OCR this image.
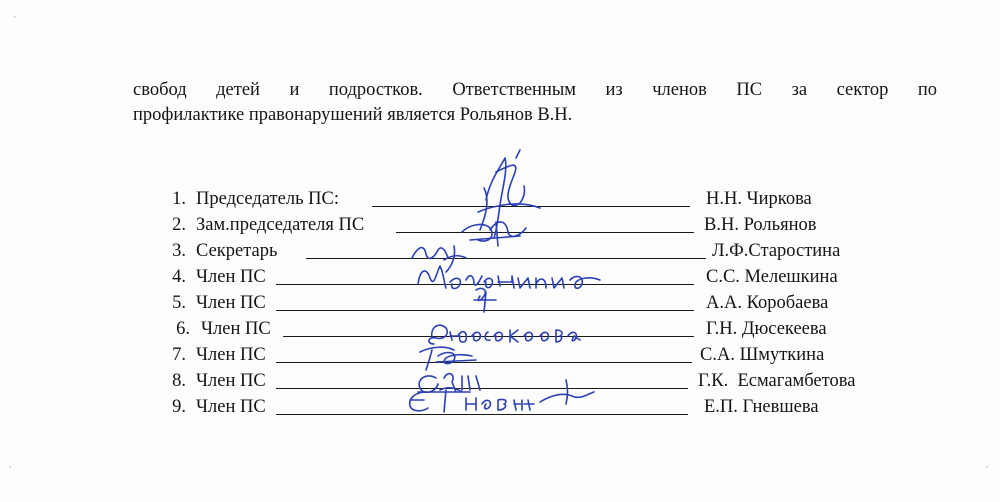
свобод детей и подростков. Ответственным из членов ПС за сектор по
профилактике правонарушений является Рольянов В.Н.
1. Председатель ПС:	Н.Н. Чиркова
2. Зам.председателя ПС	В.Н. Рольянов
3. Секретарь	Л.Ф.Старостина
4. Член ПС	С.С. Мелешкина
5. Член ПС	А.А. Коробаева
6. Член ПС	Г.Н. Дюсекеева
7. Член ПС	С.А. Шмуткина
8. Член ПС	Г.К.  Есмагамбетова
9. Член ПС	Е.П. Гневшева
